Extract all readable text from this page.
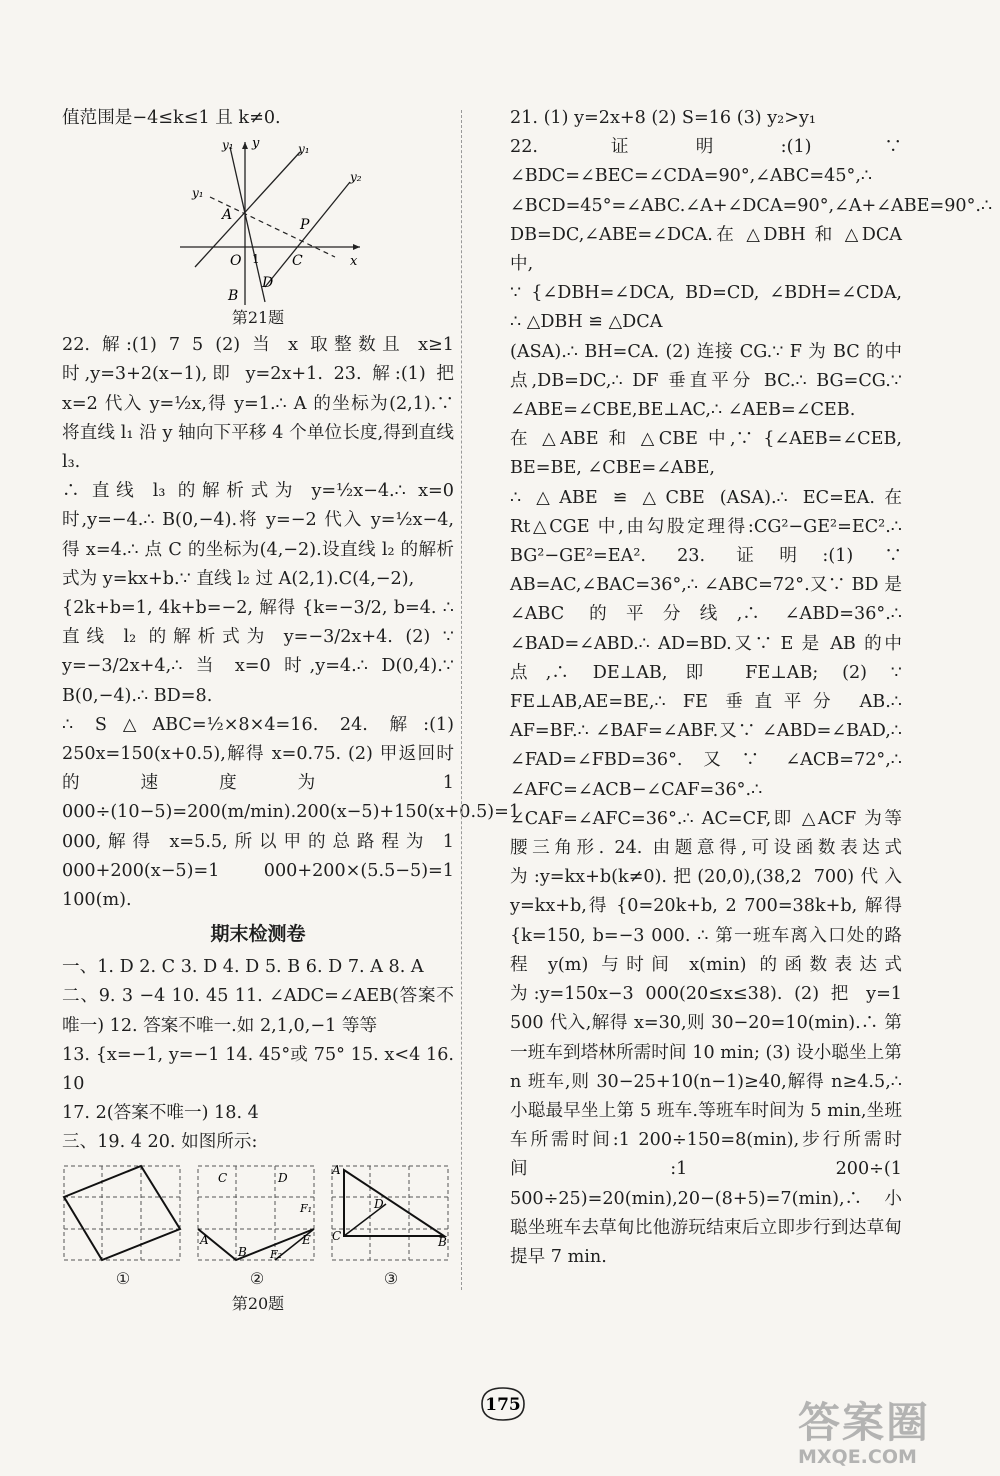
值范围是−4≤k≤1 且 k≠0.

y₁ y	y₁
y₁
y₂
A
P
O 1 C	x
B
D
第21题

22. 解:(1) 7 5 (2) 当 x 取整数且 x≥1 时,y=3+2(x−1),即 y=2x+1. 23. 解:(1) 把 x=2 代入 y=½x,得 y=1.∴ A 的坐标为(2,1).∵ 将直线 l₁ 沿 y 轴向下平移 4 个单位长度,得到直线 l₃.

∴ 直线 l₃ 的解析式为 y=½x−4.∴ x=0 时,y=−4.∴ B(0,−4).将 y=−2 代入 y=½x−4,得 x=4.∴ 点 C 的坐标为(4,−2).设直线 l₂ 的解析式为 y=kx+b.∵ 直线 l₂ 过 A(2,1).C(4,−2),

{2k+b=1, 4k+b=−2, 解得 {k=−3/2, b=4. ∴ 直线 l₂ 的解析式为 y=−3/2x+4. (2) ∵ y=−3/2x+4,∴ 当 x=0 时,y=4.∴ D(0,4).∵ B(0,−4).∴ BD=8.

∴ S△ABC=½×8×4=16. 24. 解:(1) 250x=150(x+0.5),解得 x=0.75. (2) 甲返回时的速度为 1 000÷(10−5)=200(m/min).200(x−5)+150(x+0.5)=1 000,解得 x=5.5,所以甲的总路程为 1 000+200(x−5)=1 000+200×(5.5−5)=1 100(m).

期末检测卷

一、1. D 2. C 3. D 4. D 5. B 6. D 7. A 8. A

二、9. 3 −4 10. 45 11. ∠ADC=∠AEB(答案不唯一) 12. 答案不唯一.如 2,1,0,−1 等等

13. {x=−1, y=−1 14. 45°或 75° 15. x<4 16. 10

17. 2(答案不唯一) 18. 4

三、19. 4 20. 如图所示:

①
C	D
F₁
A	E
B F₂
②
A
D
C	B
③
第20题

21. (1) y=2x+8 (2) S=16 (3) y₂>y₁

22. 证明:(1) ∵ ∠BDC=∠BEC=∠CDA=90°,∠ABC=45°,∴ ∠BCD=45°=∠ABC.∠A+∠DCA=90°,∠A+∠ABE=90°.∴ DB=DC,∠ABE=∠DCA.在 △DBH 和 △DCA 中,

∵ {∠DBH=∠DCA, BD=CD, ∠BDH=∠CDA, ∴ △DBH ≌ △DCA

(ASA).∴ BH=CA. (2) 连接 CG.∵ F 为 BC 的中点,DB=DC,∴ DF 垂直平分 BC.∴ BG=CG.∵ ∠ABE=∠CBE,BE⊥AC,∴ ∠AEB=∠CEB.

在 △ABE 和 △CBE 中,∵ {∠AEB=∠CEB, BE=BE, ∠CBE=∠ABE,

∴ △ABE ≌ △CBE (ASA).∴ EC=EA.在 Rt△CGE 中,由勾股定理得:CG²−GE²=EC².∴ BG²−GE²=EA². 23. 证明:(1) ∵ AB=AC,∠BAC=36°,∴ ∠ABC=72°.又∵ BD 是∠ABC 的平分线,∴ ∠ABD=36°.∴ ∠BAD=∠ABD.∴ AD=BD.又∵ E 是 AB 的中点,∴ DE⊥AB,即 FE⊥AB; (2) ∵ FE⊥AB,AE=BE,∴ FE 垂直平分 AB.∴ AF=BF.∴ ∠BAF=∠ABF.又∵ ∠ABD=∠BAD,∴ ∠FAD=∠FBD=36°.又∵ ∠ACB=72°,∴ ∠AFC=∠ACB−∠CAF=36°.∴ ∠CAF=∠AFC=36°.∴ AC=CF,即 △ACF 为等腰三角形. 24. 由题意得,可设函数表达式为:y=kx+b(k≠0).把(20,0),(38,2 700)代入 y=kx+b,得 {0=20k+b, 2 700=38k+b, 解得 {k=150, b=−3 000. ∴ 第一班车离入口处的路程 y(m) 与时间 x(min) 的函数表达式为:y=150x−3 000(20≤x≤38). (2) 把 y=1 500 代入,解得 x=30,则 30−20=10(min).∴ 第一班车到塔林所需时间 10 min; (3) 设小聪坐上第 n 班车,则 30−25+10(n−1)≥40,解得 n≥4.5,∴ 小聪最早坐上第 5 班车.等班车时间为 5 min,坐班车所需时间:1 200÷150=8(min),步行所需时间:1 200÷(1 500÷25)=20(min),20−(8+5)=7(min),∴ 小聪坐班车去草甸比他游玩结束后立即步行到达草甸提早 7 min.

175	答案圈
MXQE.COM
